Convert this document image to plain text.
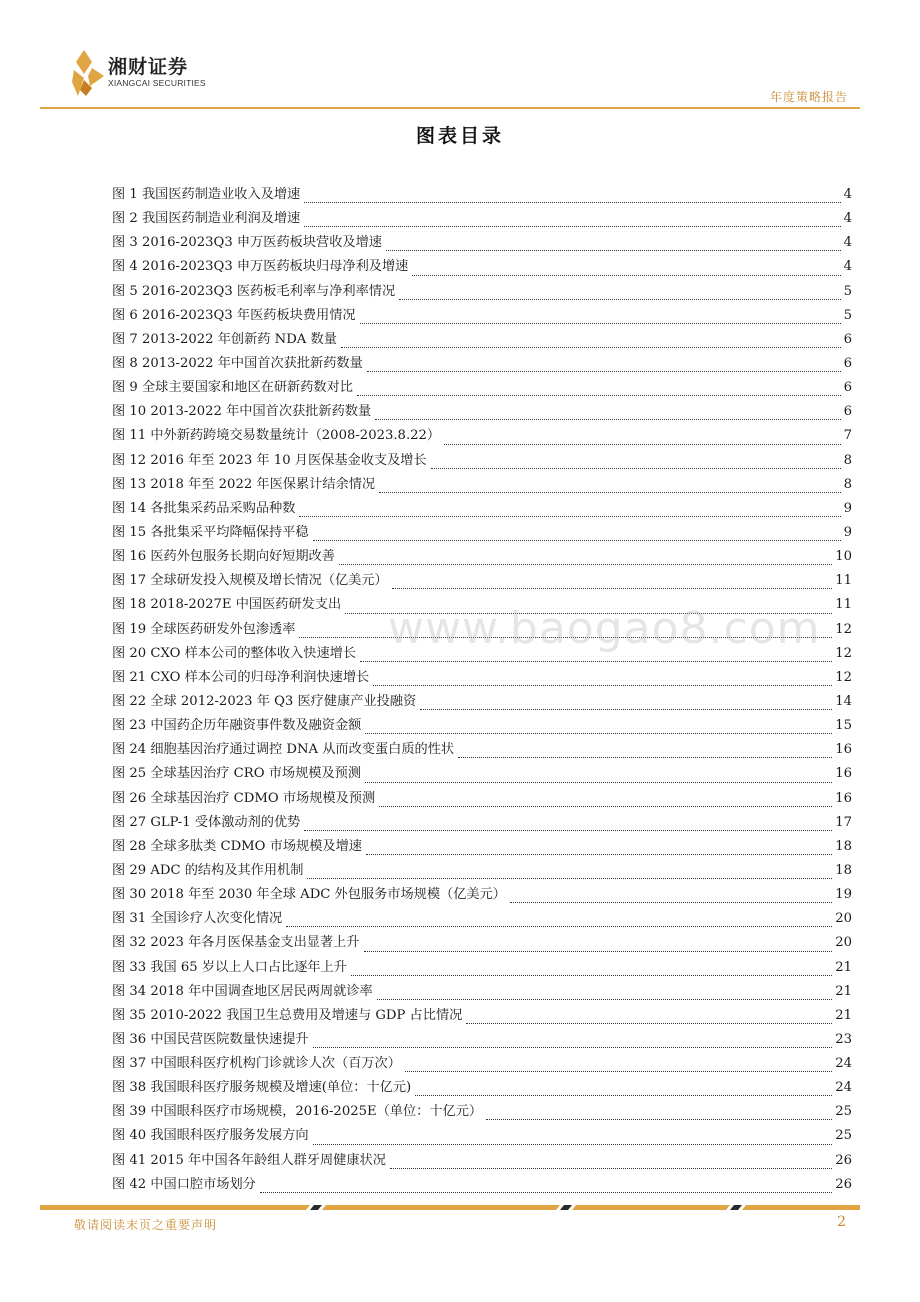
湘财证券
XIANGCAI SECURITIES
年度策略报告
图表目录
图 1 我国医药制造业收入及增速	4
图 2 我国医药制造业利润及增速	4
图 3 2016-2023Q3 申万医药板块营收及增速	4
图 4 2016-2023Q3 申万医药板块归母净利及增速	4
图 5 2016-2023Q3 医药板毛利率与净利率情况	5
图 6 2016-2023Q3 年医药板块费用情况	5
图 7 2013-2022 年创新药 NDA 数量	6
图 8 2013-2022 年中国首次获批新药数量	6
图 9 全球主要国家和地区在研新药数对比	6
图 10 2013-2022 年中国首次获批新药数量	6
图 11 中外新药跨境交易数量统计（2008-2023.8.22）	7
图 12 2016 年至 2023 年 10 月医保基金收支及增长	8
图 13 2018 年至 2022 年医保累计结余情况	8
图 14 各批集采药品采购品种数	9
图 15 各批集采平均降幅保持平稳	9
图 16 医药外包服务长期向好短期改善	10
图 17 全球研发投入规模及增长情况（亿美元）	11
图 18 2018-2027E 中国医药研发支出	11
图 19 全球医药研发外包渗透率	12
图 20 CXO 样本公司的整体收入快速增长	12
图 21 CXO 样本公司的归母净利润快速增长	12
图 22 全球 2012-2023 年 Q3 医疗健康产业投融资	14
图 23 中国药企历年融资事件数及融资金额	15
图 24 细胞基因治疗通过调控 DNA 从而改变蛋白质的性状	16
图 25 全球基因治疗 CRO 市场规模及预测	16
图 26 全球基因治疗 CDMO 市场规模及预测	16
图 27 GLP-1 受体激动剂的优势	17
图 28 全球多肽类 CDMO 市场规模及增速	18
图 29 ADC 的结构及其作用机制	18
图 30 2018 年至 2030 年全球 ADC 外包服务市场规模（亿美元）	19
图 31 全国诊疗人次变化情况	20
图 32 2023 年各月医保基金支出显著上升	20
图 33 我国 65 岁以上人口占比逐年上升	21
图 34 2018 年中国调查地区居民两周就诊率	21
图 35 2010-2022 我国卫生总费用及增速与 GDP 占比情况	21
图 36 中国民营医院数量快速提升	23
图 37 中国眼科医疗机构门诊就诊人次（百万次）	24
图 38 我国眼科医疗服务规模及增速(单位：十亿元)	24
图 39 中国眼科医疗市场规模，2016-2025E（单位：十亿元）	25
图 40 我国眼科医疗服务发展方向	25
图 41 2015 年中国各年龄组人群牙周健康状况	26
图 42 中国口腔市场划分	26
www.baogao8.com
敬请阅读末页之重要声明	2
